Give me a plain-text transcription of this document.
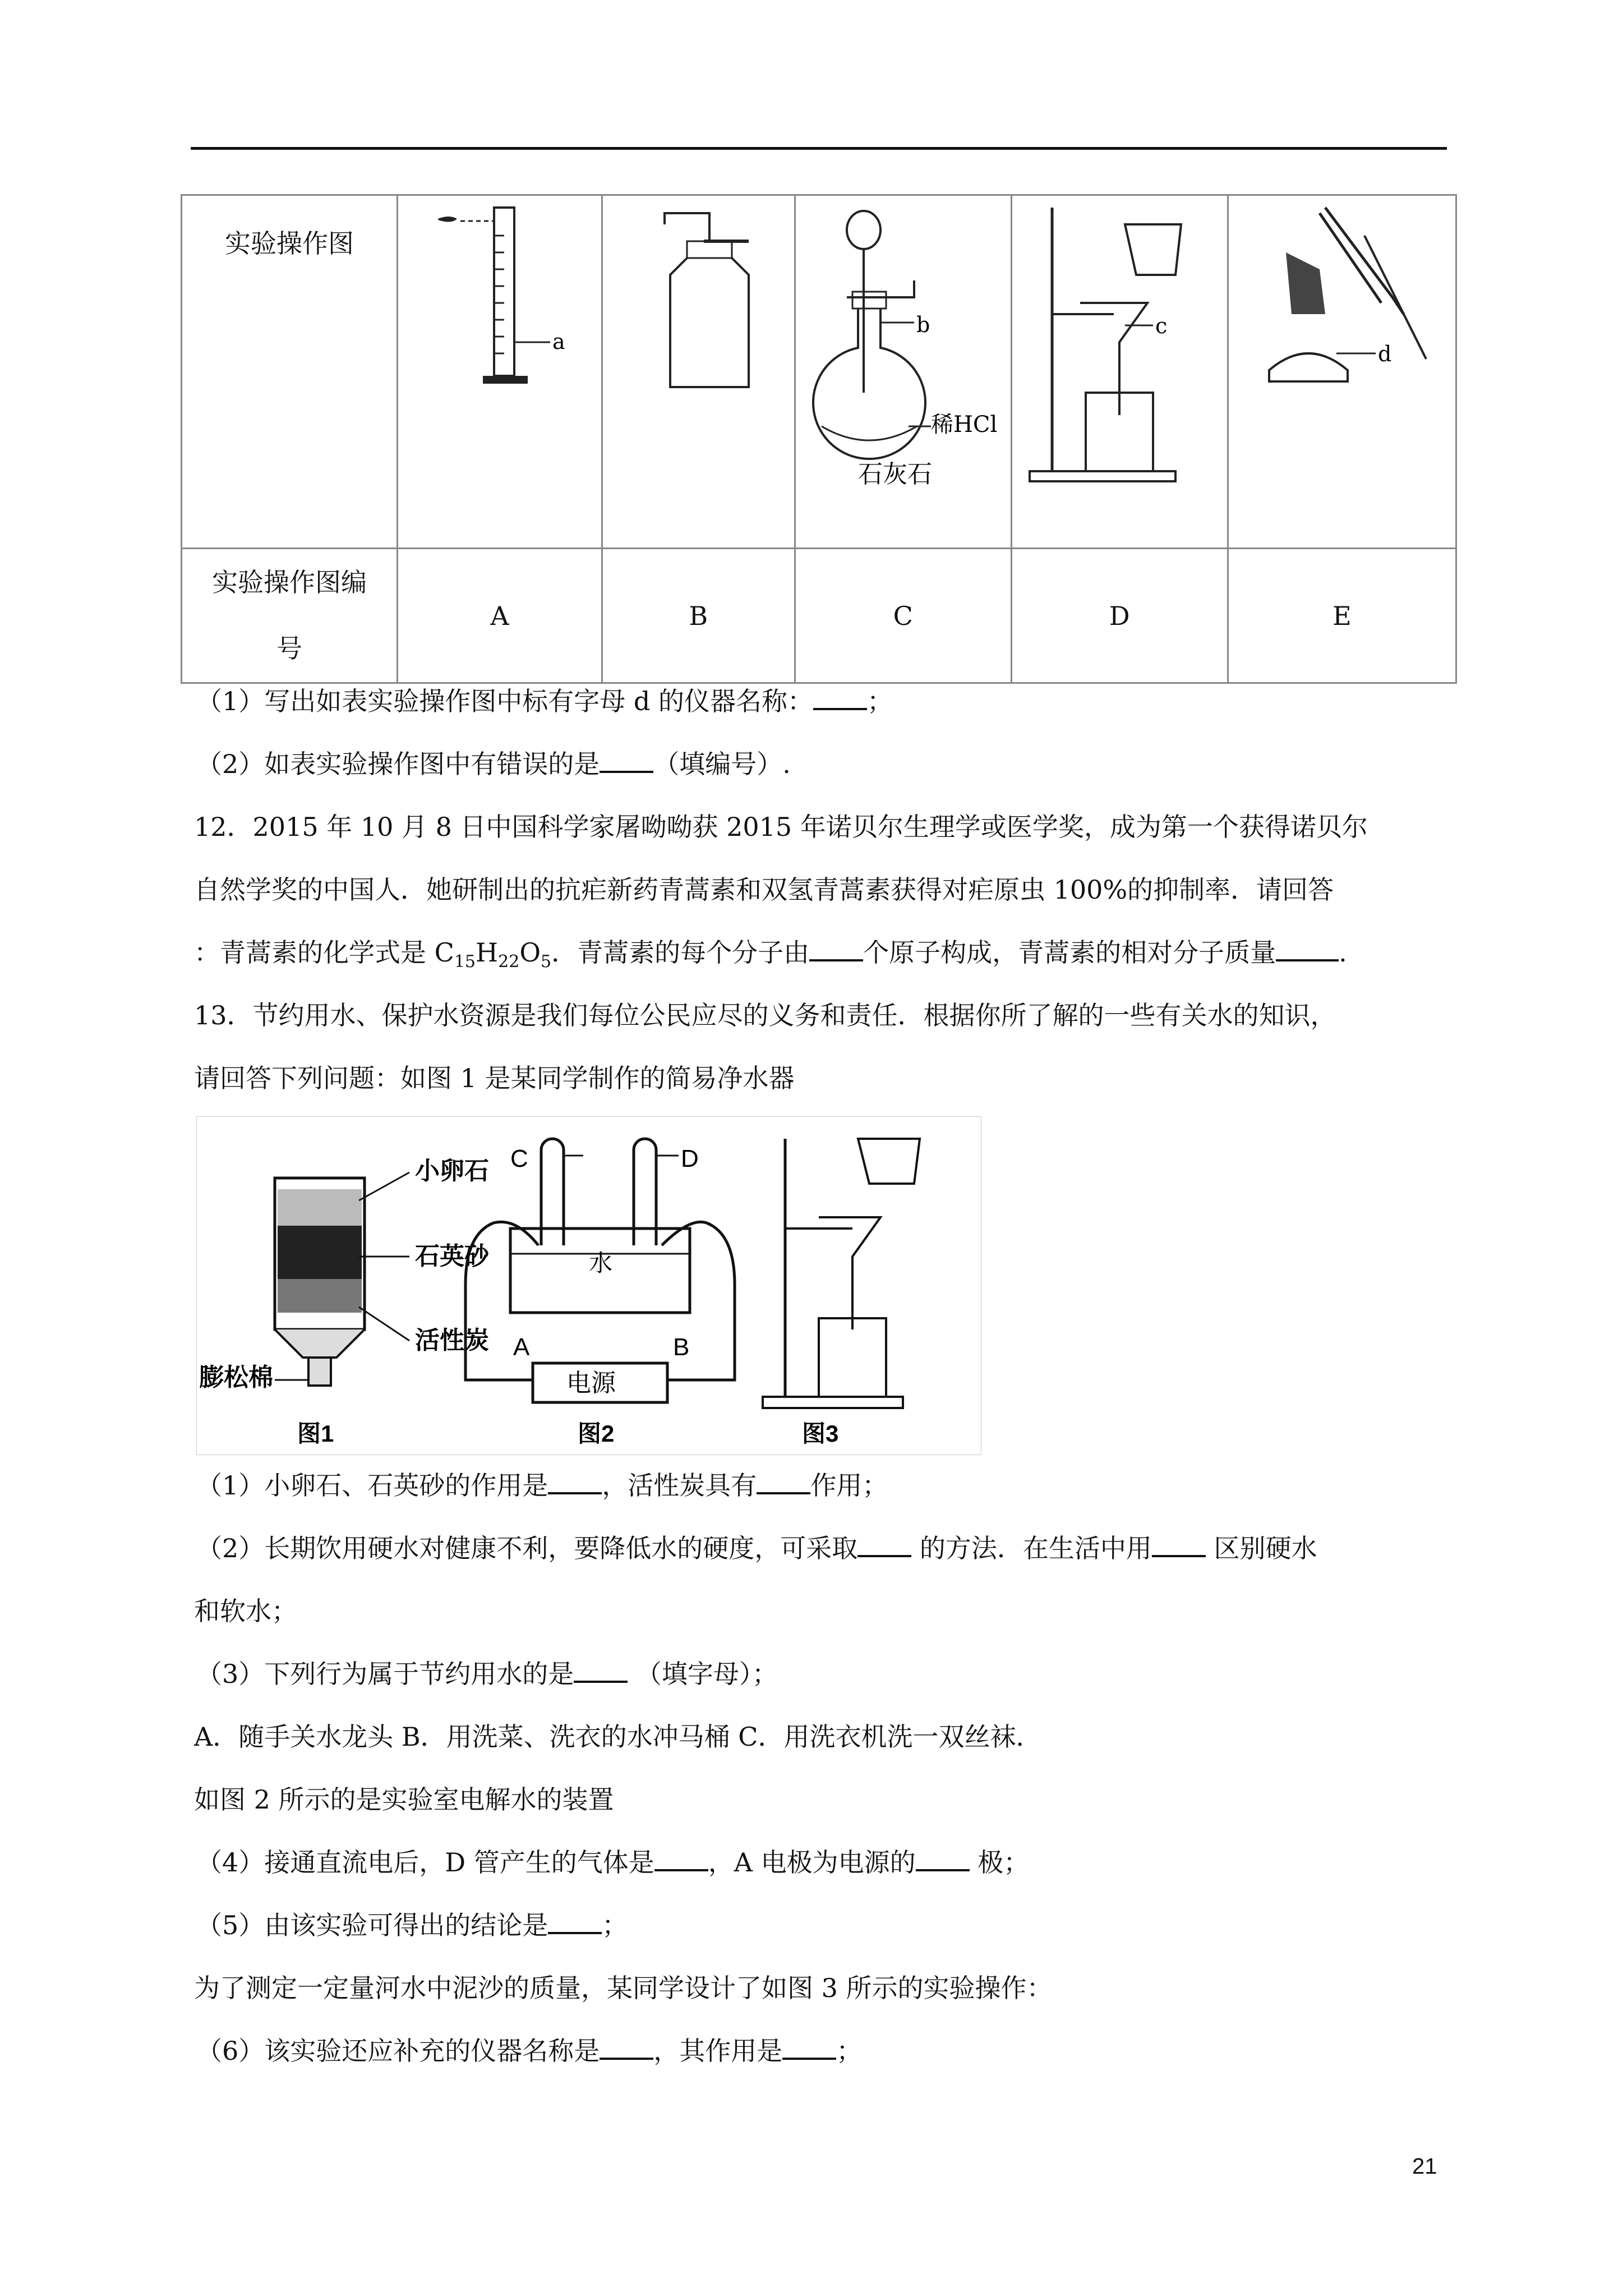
实验操作图	a		b
稀HCl
石灰石	c	d

实验操作图编
号	A	B	C	D	E
（1）写出如表实验操作图中标有字母 d 的仪器名称： ；
（2）如表实验操作图中有错误的是 （填编号）.
12．2015 年 10 月 8 日中国科学家屠呦呦获 2015 年诺贝尔生理学或医学奖，成为第一个获得诺贝尔
自然学奖的中国人．她研制出的抗疟新药青蒿素和双氢青蒿素获得对疟原虫 100%的抑制率．请回答
：青蒿素的化学式是 $C_{15}H_{22}O_5$．青蒿素的每个分子由 个原子构成，青蒿素的相对分子质量 .
13．节约用水、保护水资源是我们每位公民应尽的义务和责任．根据你所了解的一些有关水的知识，
请回答下列问题：如图 1 是某同学制作的简易净水器
小卵石
石英砂
活性炭
膨松棉
图1
水
电源
C	D
A	B
图2	图3
（1）小卵石、石英砂的作用是 ，活性炭具有 作用；
（2）长期饮用硬水对健康不利，要降低水的硬度，可采取 的方法．在生活中用 区别硬水
和软水；
（3）下列行为属于节约用水的是 （填字母）；
A．随手关水龙头 B．用洗菜、洗衣的水冲马桶 C．用洗衣机洗一双丝袜．
如图 2 所示的是实验室电解水的装置
（4）接通直流电后，D 管产生的气体是 ，A 电极为电源的 极；
（5）由该实验可得出的结论是 ；
为了测定一定量河水中泥沙的质量，某同学设计了如图 3 所示的实验操作：
（6）该实验还应补充的仪器名称是 ，其作用是 ；
21
